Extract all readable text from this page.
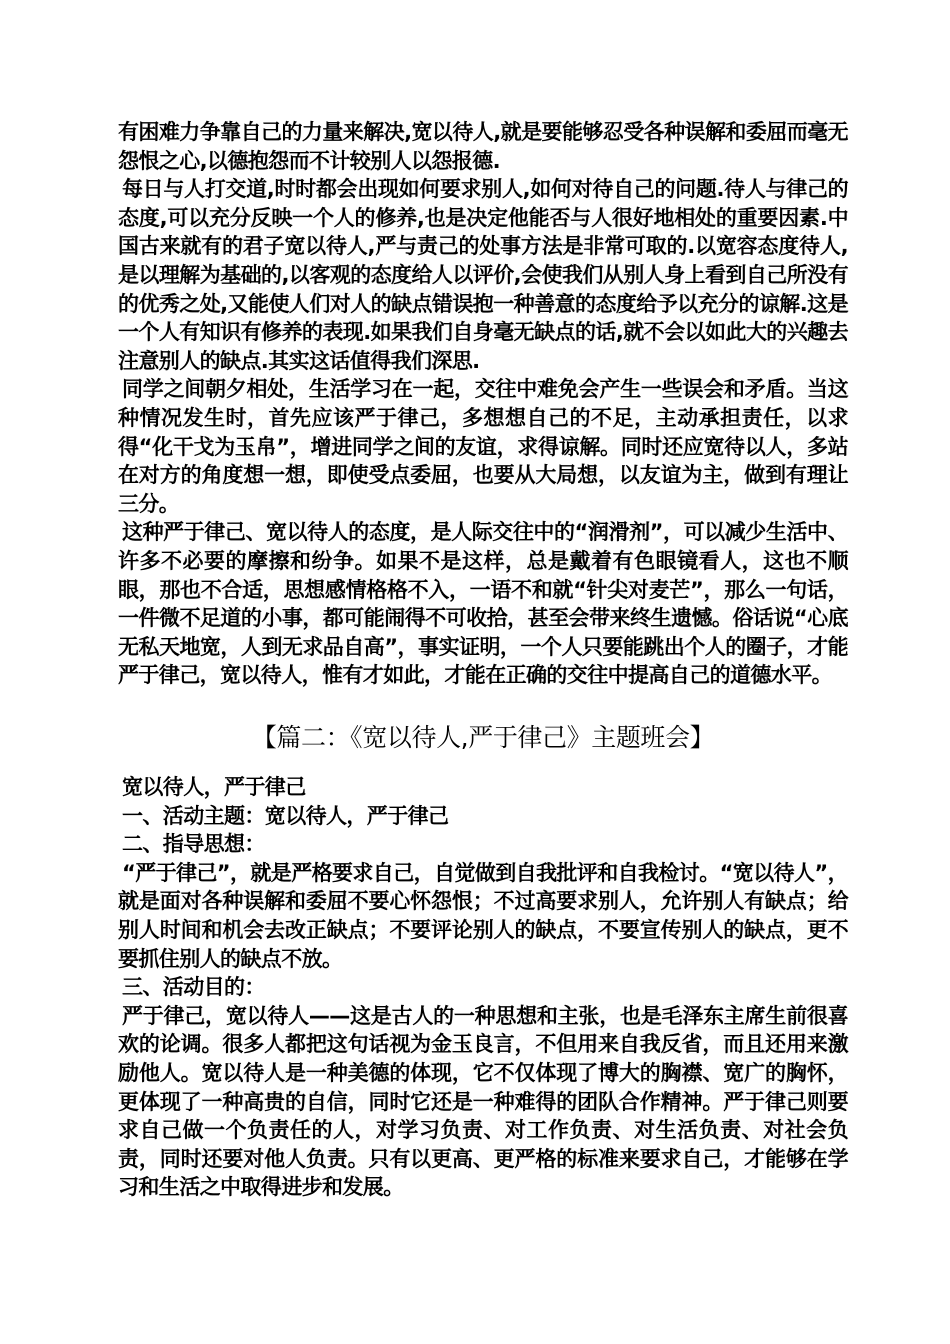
有困难力争靠自己的力量来解决,宽以待人,就是要能够忍受各种误解和委屈而毫无怨恨之心,以德抱怨而不计较别人以怨报德.

每日与人打交道,时时都会出现如何要求别人,如何对待自己的问题.待人与律己的态度,可以充分反映一个人的修养,也是决定他能否与人很好地相处的重要因素.中国古来就有的君子宽以待人,严与责己的处事方法是非常可取的.以宽容态度待人,是以理解为基础的,以客观的态度给人以评价,会使我们从别人身上看到自己所没有的优秀之处,又能使人们对人的缺点错误抱一种善意的态度给予以充分的谅解.这是一个人有知识有修养的表现.如果我们自身毫无缺点的话,就不会以如此大的兴趣去注意别人的缺点.其实这话值得我们深思.

同学之间朝夕相处，生活学习在一起，交往中难免会产生一些误会和矛盾。当这种情况发生时，首先应该严于律己，多想想自己的不足，主动承担责任，以求得“化干戈为玉帛”，增进同学之间的友谊，求得谅解。同时还应宽待以人，多站在对方的角度想一想，即使受点委屈，也要从大局想，以友谊为主，做到有理让三分。

这种严于律己、宽以待人的态度，是人际交往中的“润滑剂”，可以减少生活中、许多不必要的摩擦和纷争。如果不是这样，总是戴着有色眼镜看人，这也不顺眼，那也不合适，思想感情格格不入，一语不和就“针尖对麦芒”，那么一句话，一件微不足道的小事，都可能闹得不可收拾，甚至会带来终生遗憾。俗话说“心底无私天地宽，人到无求品自高”，事实证明，一个人只要能跳出个人的圈子，才能严于律己，宽以待人，惟有才如此，才能在正确的交往中提高自己的道德水平。

【篇二：《宽以待人,严于律己》主题班会】

宽以待人，严于律己

一、活动主题：宽以待人，严于律己

二、指导思想：

“严于律己”，就是严格要求自己，自觉做到自我批评和自我检讨。“宽以待人”，就是面对各种误解和委屈不要心怀怨恨；不过高要求别人，允许别人有缺点；给别人时间和机会去改正缺点；不要评论别人的缺点，不要宣传别人的缺点，更不要抓住别人的缺点不放。

三、活动目的：

严于律己，宽以待人——这是古人的一种思想和主张，也是毛泽东主席生前很喜欢的论调。很多人都把这句话视为金玉良言，不但用来自我反省，而且还用来激励他人。宽以待人是一种美德的体现，它不仅体现了博大的胸襟、宽广的胸怀，更体现了一种高贵的自信，同时它还是一种难得的团队合作精神。严于律己则要求自己做一个负责任的人，对学习负责、对工作负责、对生活负责、对社会负责，同时还要对他人负责。只有以更高、更严格的标准来要求自己，才能够在学习和生活之中取得进步和发展。
